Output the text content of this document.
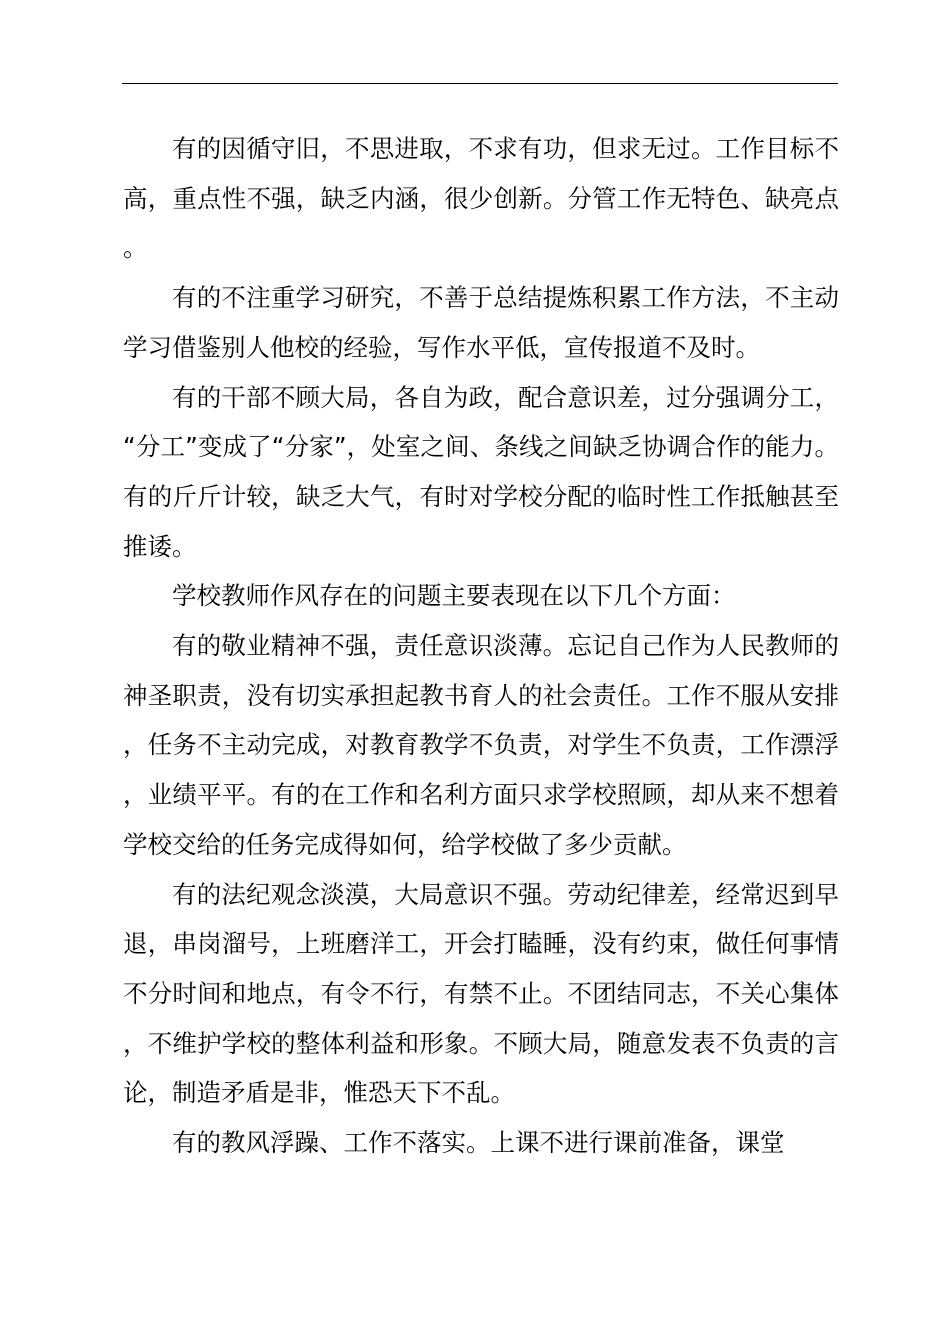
有的因循守旧，不思进取，不求有功，但求无过。工作目标不高，重点性不强，缺乏内涵，很少创新。分管工作无特色、缺亮点。

有的不注重学习研究，不善于总结提炼积累工作方法，不主动学习借鉴别人他校的经验，写作水平低，宣传报道不及时。

有的干部不顾大局，各自为政，配合意识差，过分强调分工，“分工”变成了“分家”，处室之间、条线之间缺乏协调合作的能力。有的斤斤计较，缺乏大气，有时对学校分配的临时性工作抵触甚至推诿。

学校教师作风存在的问题主要表现在以下几个方面：

有的敬业精神不强，责任意识淡薄。忘记自己作为人民教师的神圣职责，没有切实承担起教书育人的社会责任。工作不服从安排，任务不主动完成，对教育教学不负责，对学生不负责，工作漂浮，业绩平平。有的在工作和名利方面只求学校照顾，却从来不想着学校交给的任务完成得如何，给学校做了多少贡献。

有的法纪观念淡漠，大局意识不强。劳动纪律差，经常迟到早退，串岗溜号，上班磨洋工，开会打瞌睡，没有约束，做任何事情不分时间和地点，有令不行，有禁不止。不团结同志，不关心集体，不维护学校的整体利益和形象。不顾大局，随意发表不负责的言论，制造矛盾是非，惟恐天下不乱。

有的教风浮躁、工作不落实。上课不进行课前准备，课堂
